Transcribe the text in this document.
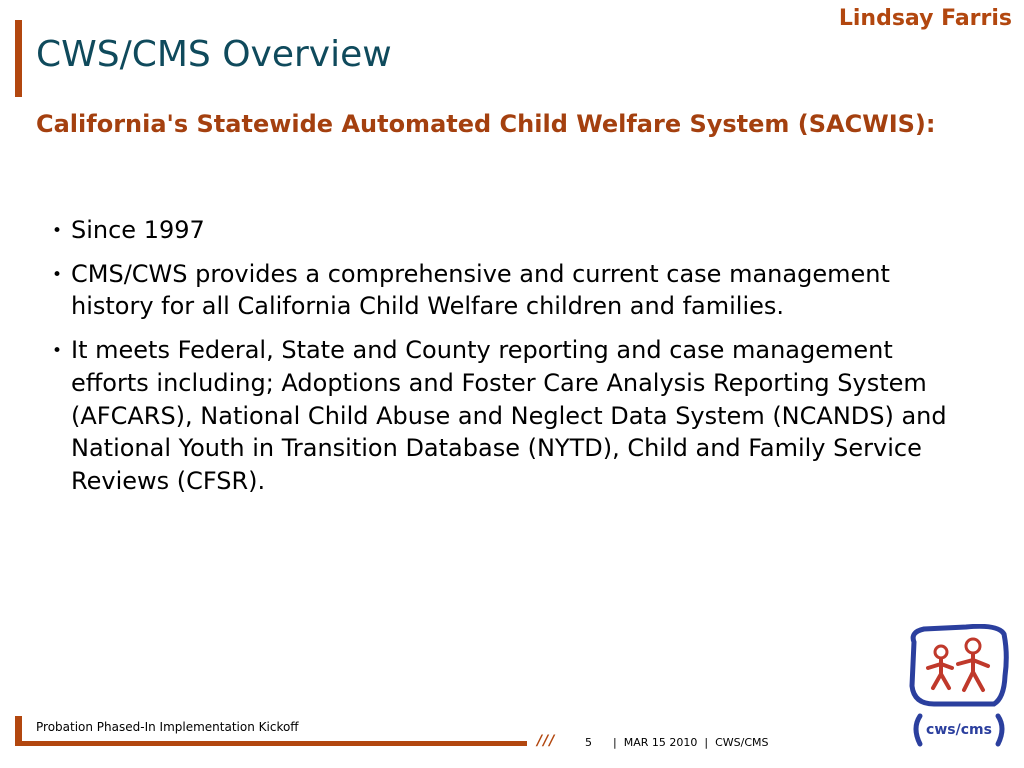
CWS/CMS Overview
Lindsay Farris
California's Statewide Automated Child Welfare System (SACWIS):
• Since 1997
• CMS/CWS provides a comprehensive and current case management history for all California Child Welfare children and families.
• It meets Federal, State and County reporting and case management efforts including; Adoptions and Foster Care Analysis Reporting System (AFCARS), National Child Abuse and Neglect Data System (NCANDS) and National Youth in Transition Database (NYTD), Child and Family Service Reviews (CFSR).
cws/cms
Probation Phased-In Implementation Kickoff
///	5 | MAR 15 2010 | CWS/CMS
